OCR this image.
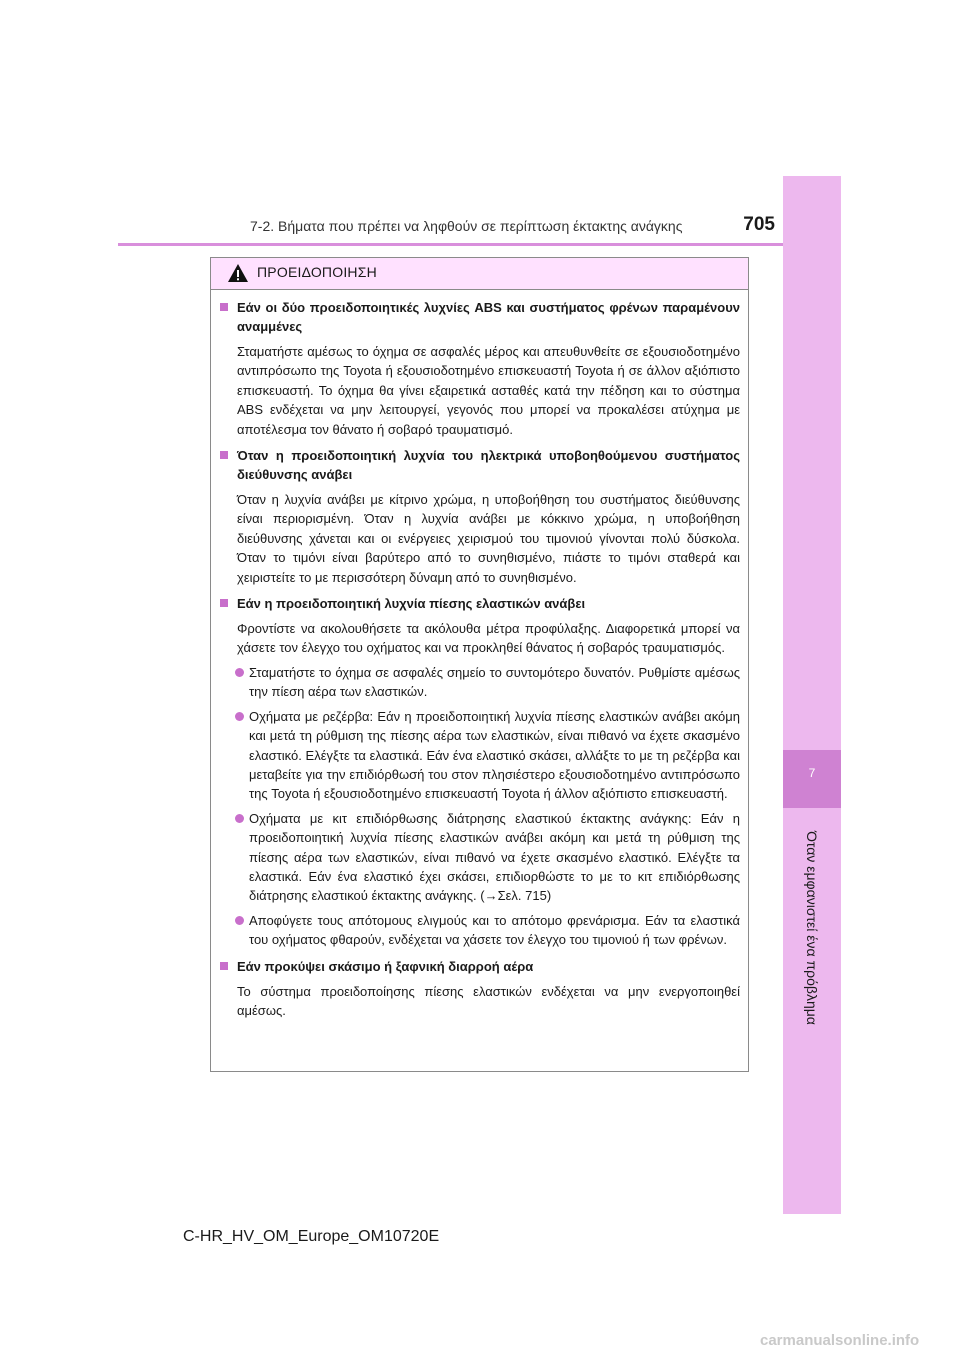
7
Όταν εμφανιστεί ένα πρόβλημα
7-2. Βήματα που πρέπει να ληφθούν σε περίπτωση έκτακτης ανάγκης	705
ΠΡΟΕΙΔΟΠΟΙΗΣΗ
Εάν οι δύο προειδοποιητικές λυχνίες ABS και συστήματος φρένων παραμένουν αναμμένες
Σταματήστε αμέσως το όχημα σε ασφαλές μέρος και απευθυνθείτε σε εξουσιοδοτημένο αντιπρόσωπο της Toyota ή εξουσιοδοτημένο επισκευαστή Toyota ή σε άλλον αξιόπιστο επισκευαστή. Το όχημα θα γίνει εξαιρετικά ασταθές κατά την πέδηση και το σύστημα ABS ενδέχεται να μην λειτουργεί, γεγονός που μπορεί να προκαλέσει ατύχημα με αποτέλεσμα τον θάνατο ή σοβαρό τραυματισμό.
Όταν η προειδοποιητική λυχνία του ηλεκτρικά υποβοηθούμενου συστήματος διεύθυνσης ανάβει
Όταν η λυχνία ανάβει με κίτρινο χρώμα, η υποβοήθηση του συστήματος διεύθυνσης είναι περιορισμένη. Όταν η λυχνία ανάβει με κόκκινο χρώμα, η υποβοήθηση διεύθυνσης χάνεται και οι ενέργειες χειρισμού του τιμονιού γίνονται πολύ δύσκολα. Όταν το τιμόνι είναι βαρύτερο από το συνηθισμένο, πιάστε το τιμόνι σταθερά και χειριστείτε το με περισσότερη δύναμη από το συνηθισμένο.
Εάν η προειδοποιητική λυχνία πίεσης ελαστικών ανάβει
Φροντίστε να ακολουθήσετε τα ακόλουθα μέτρα προφύλαξης. Διαφορετικά μπορεί να χάσετε τον έλεγχο του οχήματος και να προκληθεί θάνατος ή σοβαρός τραυματισμός.
Σταματήστε το όχημα σε ασφαλές σημείο το συντομότερο δυνατόν. Ρυθμίστε αμέσως την πίεση αέρα των ελαστικών.
Οχήματα με ρεζέρβα: Εάν η προειδοποιητική λυχνία πίεσης ελαστικών ανάβει ακόμη και μετά τη ρύθμιση της πίεσης αέρα των ελαστικών, είναι πιθανό να έχετε σκασμένο ελαστικό. Ελέγξτε τα ελαστικά. Εάν ένα ελαστικό σκάσει, αλλάξτε το με τη ρεζέρβα και μεταβείτε για την επιδιόρθωσή του στον πλησιέστερο εξουσιοδοτημένο αντιπρόσωπο της Toyota ή εξουσιοδοτημένο επισκευαστή Toyota ή άλλον αξιόπιστο επισκευαστή.
Οχήματα με κιτ επιδιόρθωσης διάτρησης ελαστικού έκτακτης ανάγκης: Εάν η προειδοποιητική λυχνία πίεσης ελαστικών ανάβει ακόμη και μετά τη ρύθμιση της πίεσης αέρα των ελαστικών, είναι πιθανό να έχετε σκασμένο ελαστικό. Ελέγξτε τα ελαστικά. Εάν ένα ελαστικό έχει σκάσει, επιδιορθώστε το με το κιτ επιδιόρθωσης διάτρησης ελαστικού έκτακτης ανάγκης. (→Σελ. 715)
Αποφύγετε τους απότομους ελιγμούς και το απότομο φρενάρισμα. Εάν τα ελαστικά του οχήματος φθαρούν, ενδέχεται να χάσετε τον έλεγχο του τιμονιού ή των φρένων.
Εάν προκύψει σκάσιμο ή ξαφνική διαρροή αέρα
Το σύστημα προειδοποίησης πίεσης ελαστικών ενδέχεται να μην ενεργοποιηθεί αμέσως.
C-HR_HV_OM_Europe_OM10720E
carmanualsonline.info
